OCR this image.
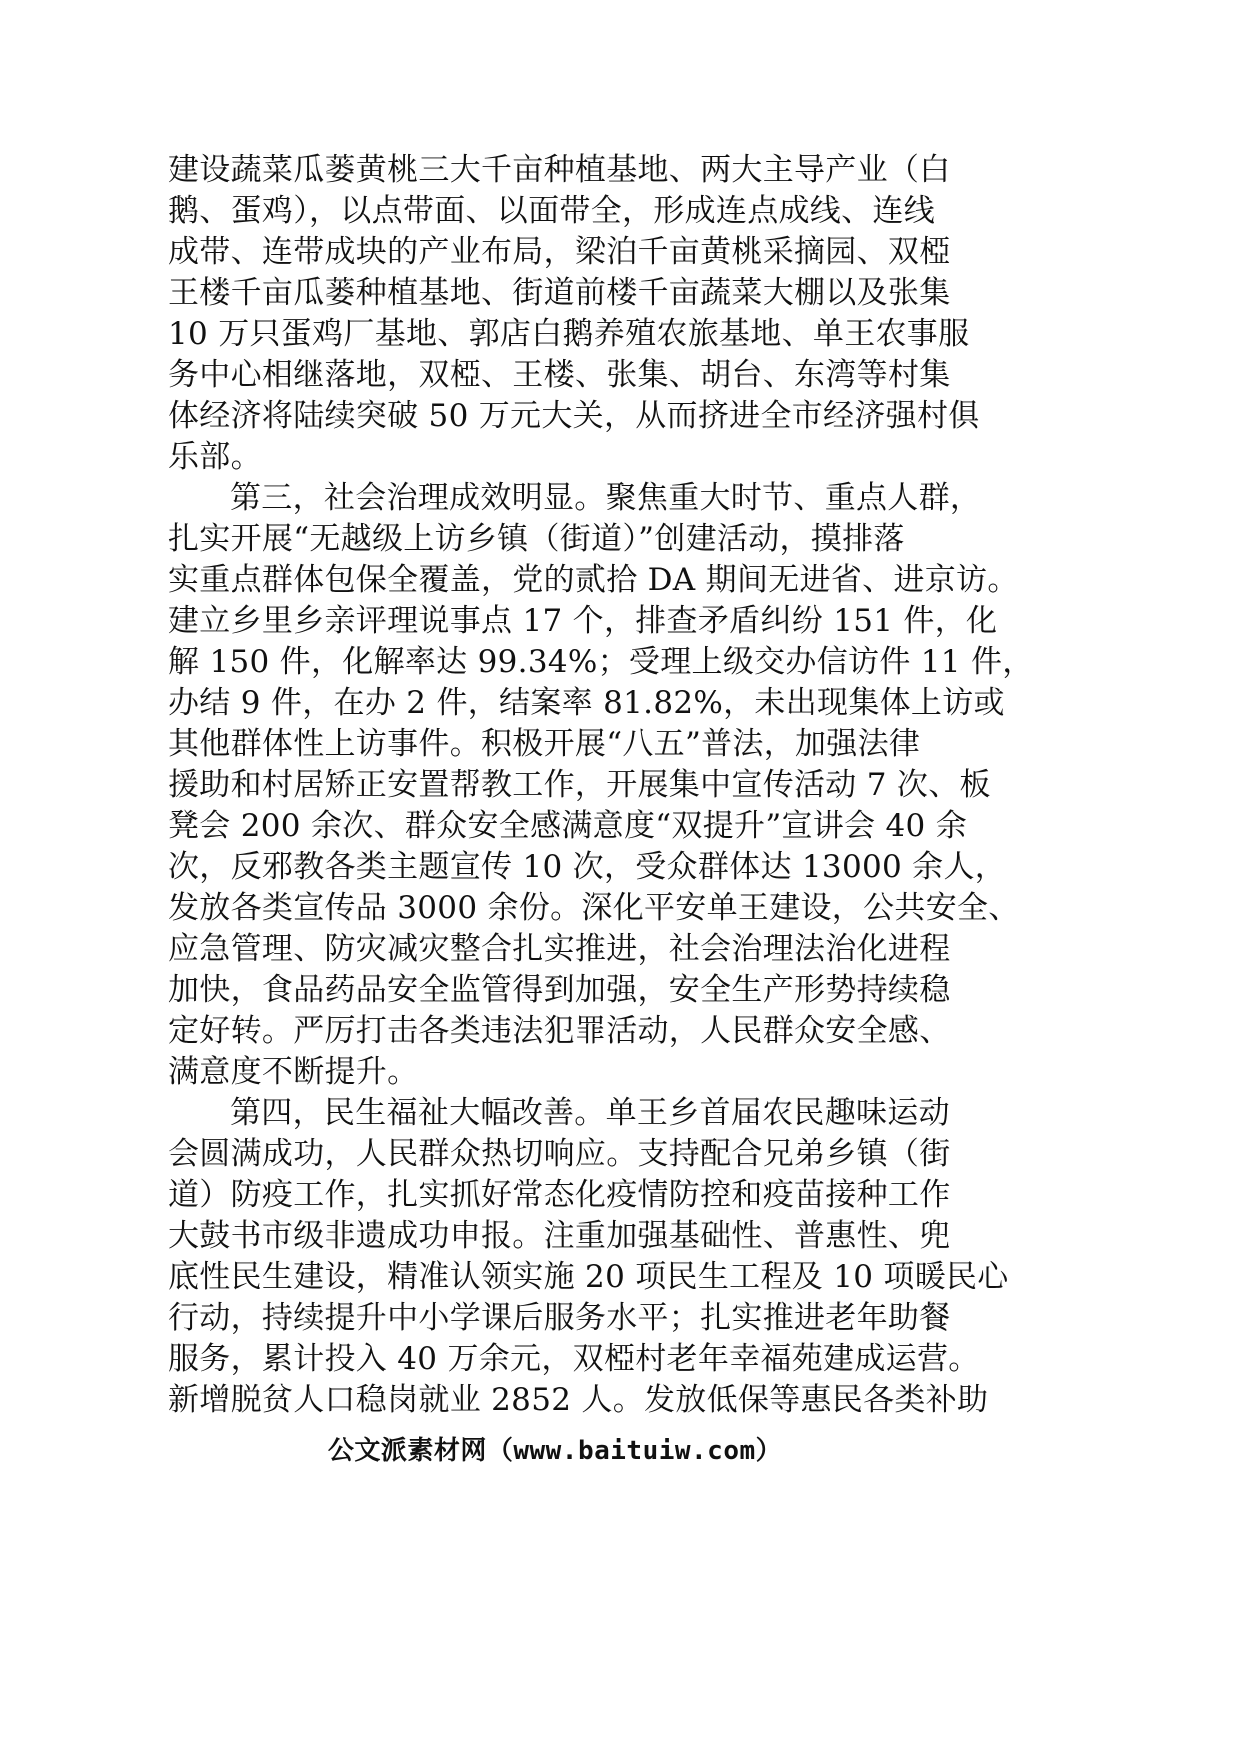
建设蔬菜瓜蒌黄桃三大千亩种植基地、两大主导产业（白
鹅、蛋鸡），以点带面、以面带全，形成连点成线、连线
成带、连带成块的产业布局，梁泊千亩黄桃采摘园、双椏
王楼千亩瓜蒌种植基地、街道前楼千亩蔬菜大棚以及张集
10 万只蛋鸡厂基地、郭店白鹅养殖农旅基地、单王农事服
务中心相继落地，双椏、王楼、张集、胡台、东湾等村集
体经济将陆续突破 50 万元大关，从而挤进全市经济强村俱
乐部。
第三，社会治理成效明显。聚焦重大时节、重点人群，
扎实开展“无越级上访乡镇（街道）”创建活动，摸排落
实重点群体包保全覆盖，党的贰拾 DA 期间无进省、进京访。
建立乡里乡亲评理说事点 17 个，排查矛盾纠纷 151 件，化
解 150 件，化解率达 99.34%；受理上级交办信访件 11 件，
办结 9 件，在办 2 件，结案率 81.82%，未出现集体上访或
其他群体性上访事件。积极开展“八五”普法，加强法律
援助和村居矫正安置帮教工作，开展集中宣传活动 7 次、板
凳会 200 余次、群众安全感满意度“双提升”宣讲会 40 余
次，反邪教各类主题宣传 10 次，受众群体达 13000 余人，
发放各类宣传品 3000 余份。深化平安单王建设，公共安全、
应急管理、防灾减灾整合扎实推进，社会治理法治化进程
加快，食品药品安全监管得到加强，安全生产形势持续稳
定好转。严厉打击各类违法犯罪活动，人民群众安全感、
满意度不断提升。
第四，民生福祉大幅改善。单王乡首届农民趣味运动
会圆满成功，人民群众热切响应。支持配合兄弟乡镇（街
道）防疫工作，扎实抓好常态化疫情防控和疫苗接种工作
大鼓书市级非遗成功申报。注重加强基础性、普惠性、兜
底性民生建设，精准认领实施 20 项民生工程及 10 项暖民心
行动，持续提升中小学课后服务水平；扎实推进老年助餐
服务，累计投入 40 万余元，双椏村老年幸福苑建成运营。
新增脱贫人口稳岗就业 2852 人。发放低保等惠民各类补助
公文派素材网（www.baituiw.com）
